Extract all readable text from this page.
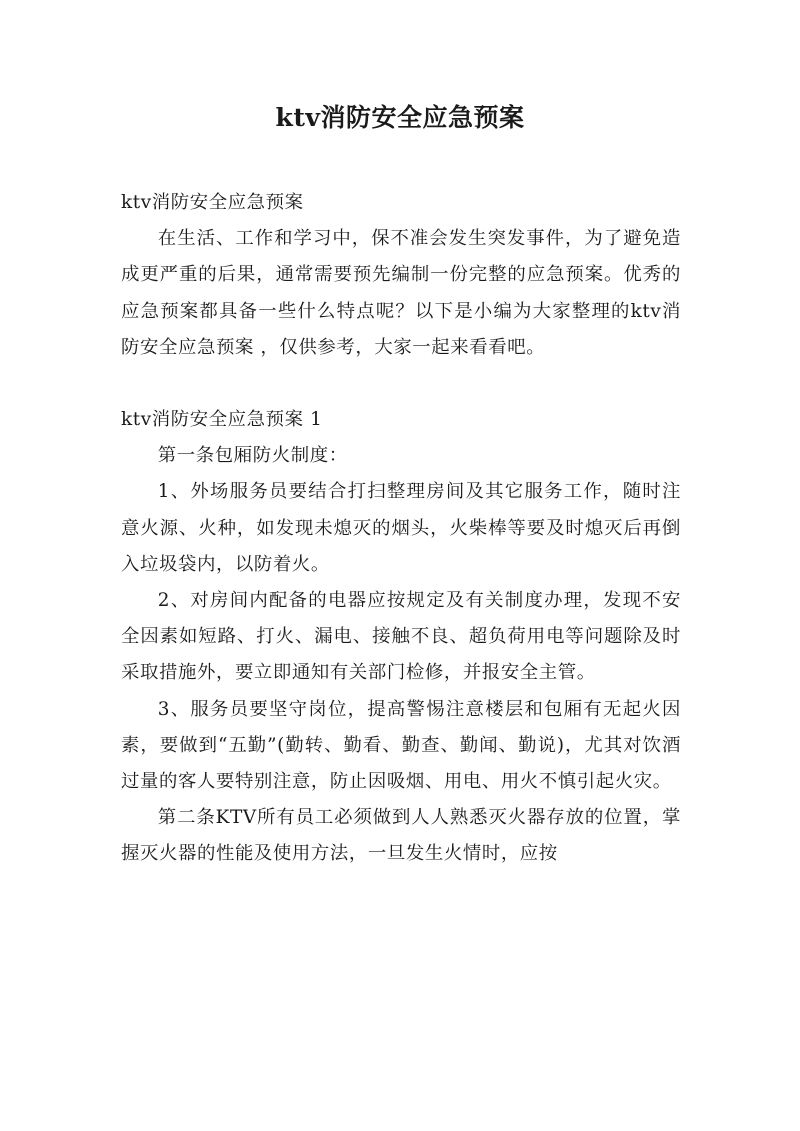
ktv消防安全应急预案

ktv消防安全应急预案

在生活、工作和学习中，保不准会发生突发事件，为了避免造成更严重的后果，通常需要预先编制一份完整的应急预案。优秀的应急预案都具备一些什么特点呢？以下是小编为大家整理的ktv消防安全应急预案 ，仅供参考，大家一起来看看吧。

ktv消防安全应急预案 1

第一条包厢防火制度：

1、外场服务员要结合打扫整理房间及其它服务工作，随时注意火源、火种，如发现未熄灭的烟头，火柴棒等要及时熄灭后再倒入垃圾袋内，以防着火。

2、对房间内配备的电器应按规定及有关制度办理，发现不安全因素如短路、打火、漏电、接触不良、超负荷用电等问题除及时采取措施外，要立即通知有关部门检修，并报安全主管。

3、服务员要坚守岗位，提高警惕注意楼层和包厢有无起火因素，要做到“五勤”(勤转、勤看、勤查、勤闻、勤说)，尤其对饮酒过量的客人要特别注意，防止因吸烟、用电、用火不慎引起火灾。

第二条KTV所有员工必须做到人人熟悉灭火器存放的位置，掌握灭火器的性能及使用方法，一旦发生火情时，应按
